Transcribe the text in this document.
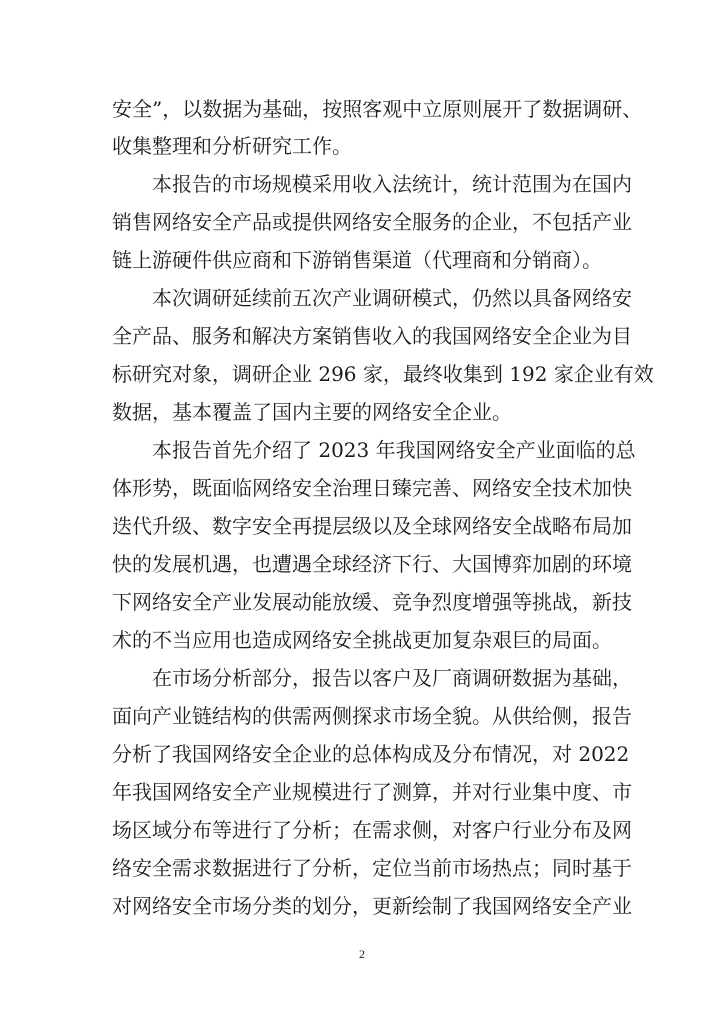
安全”，以数据为基础，按照客观中立原则展开了数据调研、
收集整理和分析研究工作。
　　本报告的市场规模采用收入法统计，统计范围为在国内
销售网络安全产品或提供网络安全服务的企业，不包括产业
链上游硬件供应商和下游销售渠道（代理商和分销商）。
　　本次调研延续前五次产业调研模式，仍然以具备网络安
全产品、服务和解决方案销售收入的我国网络安全企业为目
标研究对象，调研企业 296 家，最终收集到 192 家企业有效
数据，基本覆盖了国内主要的网络安全企业。
　　本报告首先介绍了 2023 年我国网络安全产业面临的总
体形势，既面临网络安全治理日臻完善、网络安全技术加快
迭代升级、数字安全再提层级以及全球网络安全战略布局加
快的发展机遇，也遭遇全球经济下行、大国博弈加剧的环境
下网络安全产业发展动能放缓、竞争烈度增强等挑战，新技
术的不当应用也造成网络安全挑战更加复杂艰巨的局面。
　　在市场分析部分，报告以客户及厂商调研数据为基础，
面向产业链结构的供需两侧探求市场全貌。从供给侧，报告
分析了我国网络安全企业的总体构成及分布情况，对 2022
年我国网络安全产业规模进行了测算，并对行业集中度、市
场区域分布等进行了分析；在需求侧，对客户行业分布及网
络安全需求数据进行了分析，定位当前市场热点；同时基于
对网络安全市场分类的划分，更新绘制了我国网络安全产业
2
